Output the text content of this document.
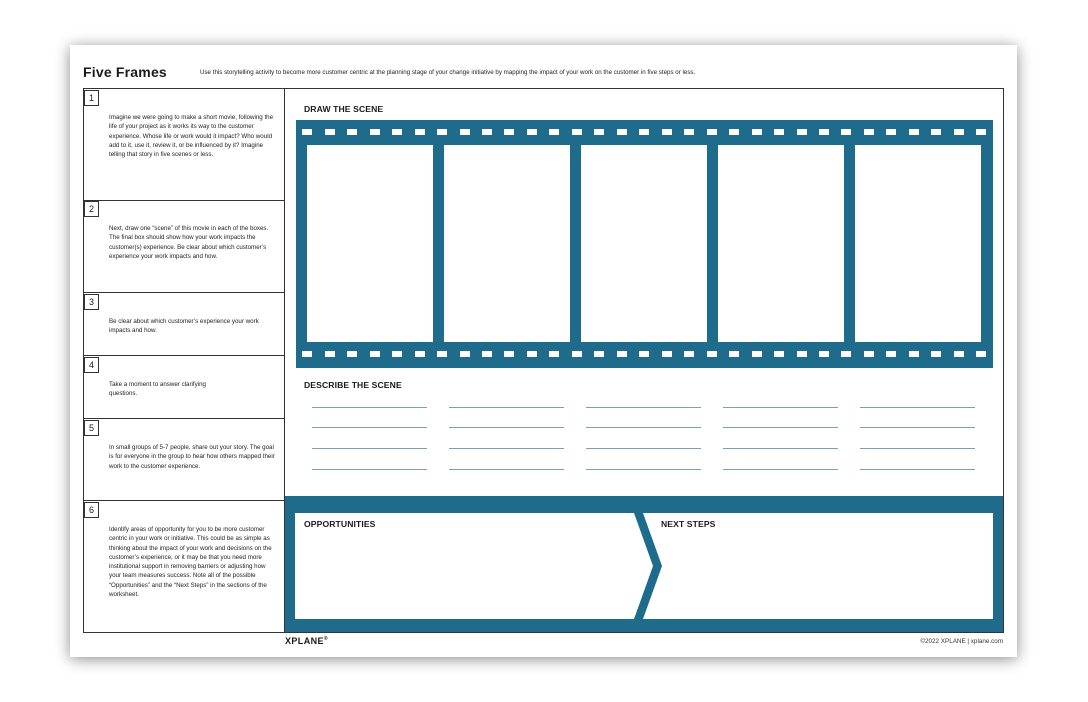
Five Frames	Use this storytelling activity to become more customer centric at the planning stage of your change initiative by mapping the impact of your work on the customer in five steps or less.
1
Imagine we were going to make a short movie, following the life of your project as it works its way to the customer experience. Whose life or work would it impact? Who would add to it, use it, review it, or be influenced by it? Imagine telling that story in five scenes or less.
2
Next, draw one “scene” of this movie in each of the boxes. The final box should show how your work impacts the customer(s) experience. Be clear about which customer’s experience your work impacts and how.
3
Be clear about which customer’s experience your work impacts and how.
4
Take a moment to answer clarifying questions.
5
In small groups of 5-7 people, share out your story. The goal is for everyone in the group to hear how others mapped their work to the customer experience.
6
Identify areas of opportunity for you to be more customer centric in your work or initiative. This could be as simple as thinking about the impact of your work and decisions on the customer’s experience, or it may be that you need more institutional support in removing barriers or adjusting how your team measures success. Note all of the possible “Opportunities” and the “Next Steps” in the sections of the worksheet.
DRAW THE SCENE
DESCRIBE THE SCENE
OPPORTUNITIES	NEXT STEPS
XPLANE®	©2022 XPLANE | xplane.com
